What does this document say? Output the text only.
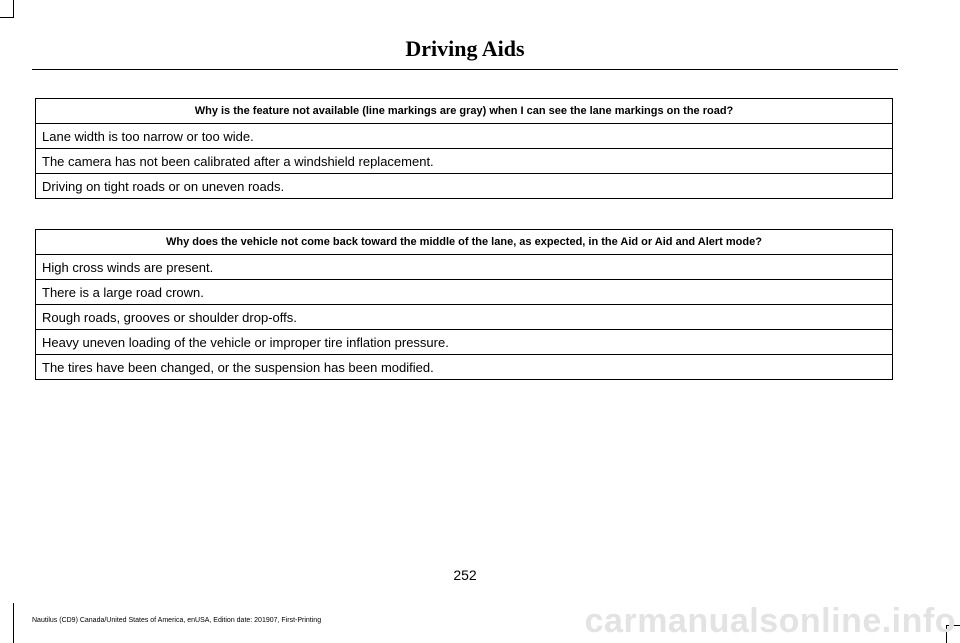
Driving Aids
Why is the feature not available (line markings are gray) when I can see the lane markings on the road?
Lane width is too narrow or too wide.
The camera has not been calibrated after a windshield replacement.
Driving on tight roads or on uneven roads.
Why does the vehicle not come back toward the middle of the lane, as expected, in the Aid or Aid and Alert mode?
High cross winds are present.
There is a large road crown.
Rough roads, grooves or shoulder drop-offs.
Heavy uneven loading of the vehicle or improper tire inflation pressure.
The tires have been changed, or the suspension has been modified.
252
Nautilus (CD9) Canada/United States of America, enUSA, Edition date: 201907, First-Printing	carmanualsonline.info
